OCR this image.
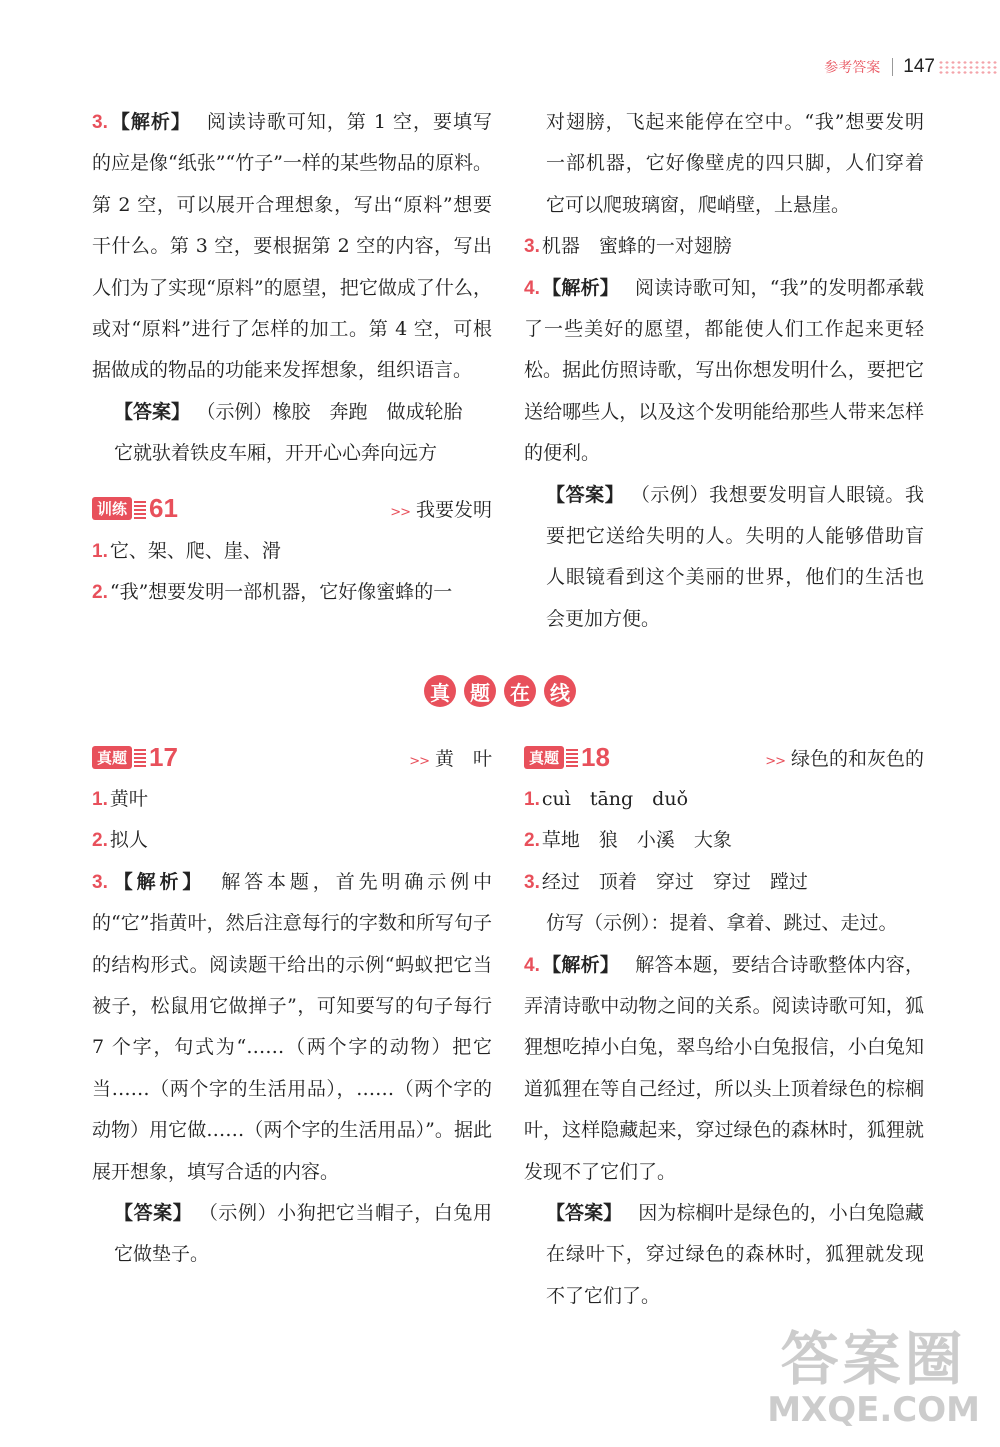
参考答案 147

3. 【解析】 阅读诗歌可知，第 1 空，要填写的应是像“纸张”“竹子”一样的某些物品的原料。第 2 空，可以展开合理想象，写出“原料”想要干什么。第 3 空，要根据第 2 空的内容，写出人们为了实现“原料”的愿望，把它做成了什么，或对“原料”进行了怎样的加工。第 4 空，可根据做成的物品的功能来发挥想象，组织语言。

【答案】 （示例）橡胶　奔跑　做成轮胎

它就驮着铁皮车厢，开开心心奔向远方

训练 61	>> 我要发明

1. 它、架、爬、崖、滑

2. “我”想要发明一部机器，它好像蜜蜂的一

对翅膀，飞起来能停在空中。“我”想要发明一部机器，它好像壁虎的四只脚，人们穿着它可以爬玻璃窗，爬峭壁，上悬崖。

3. 机器　蜜蜂的一对翅膀

4. 【解析】 阅读诗歌可知，“我”的发明都承载了一些美好的愿望，都能使人们工作起来更轻松。据此仿照诗歌，写出你想发明什么，要把它送给哪些人，以及这个发明能给那些人带来怎样的便利。

【答案】 （示例）我想要发明盲人眼镜。我要把它送给失明的人。失明的人能够借助盲人眼镜看到这个美丽的世界，他们的生活也会更加方便。

真	题	在	线
真题 17	>> 黄　叶

1. 黄叶

2. 拟人

3. 【解析】 解答本题，首先明确示例中的“它”指黄叶，然后注意每行的字数和所写句子的结构形式。阅读题干给出的示例“蚂蚁把它当被子，松鼠用它做掸子”，可知要写的句子每行 7 个字，句式为“……（两个字的动物）把它当……（两个字的生活用品），……（两个字的动物）用它做……（两个字的生活用品）”。据此展开想象，填写合适的内容。

【答案】 （示例）小狗把它当帽子，白兔用它做垫子。

真题 18	>> 绿色的和灰色的

1. cuì　tāng　duǒ

2. 草地　狼　小溪　大象

3. 经过　顶着　穿过　穿过　蹚过

仿写（示例）：提着、拿着、跳过、走过。

4. 【解析】 解答本题，要结合诗歌整体内容，弄清诗歌中动物之间的关系。阅读诗歌可知，狐狸想吃掉小白兔，翠鸟给小白兔报信，小白兔知道狐狸在等自己经过，所以头上顶着绿色的棕榈叶，这样隐藏起来，穿过绿色的森林时，狐狸就发现不了它们了。

【答案】 因为棕榈叶是绿色的，小白兔隐藏在绿叶下，穿过绿色的森林时，狐狸就发现不了它们了。

答案圈
MXQE.COM
